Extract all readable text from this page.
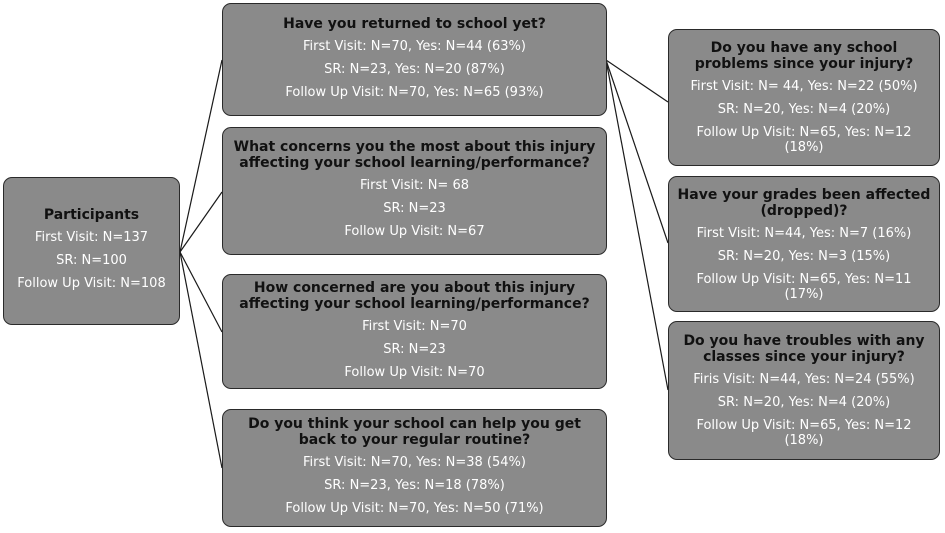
Participants
First Visit: N=137
SR: N=100
Follow Up Visit: N=108
Have you returned to school yet?
First Visit: N=70, Yes: N=44 (63%)
SR: N=23, Yes: N=20 (87%)
Follow Up Visit: N=70, Yes: N=65 (93%)
What concerns you the most about this injury affecting your school learning/performance?
First Visit: N= 68
SR: N=23
Follow Up Visit: N=67
How concerned are you about this injury affecting your school learning/performance?
First Visit: N=70
SR: N=23
Follow Up Visit: N=70
Do you think your school can help you get back to your regular routine?
First Visit: N=70, Yes: N=38 (54%)
SR: N=23, Yes: N=18 (78%)
Follow Up Visit: N=70, Yes: N=50 (71%)
Do you have any school problems since your injury?
First Visit: N= 44, Yes: N=22 (50%)
SR: N=20, Yes: N=4 (20%)
Follow Up Visit: N=65, Yes: N=12 (18%)
Have your grades been affected (dropped)?
First Visit: N=44, Yes: N=7 (16%)
SR: N=20, Yes: N=3 (15%)
Follow Up Visit: N=65, Yes: N=11 (17%)
Do you have troubles with any classes since your injury?
Firis Visit: N=44, Yes: N=24 (55%)
SR: N=20, Yes: N=4 (20%)
Follow Up Visit: N=65, Yes: N=12 (18%)
